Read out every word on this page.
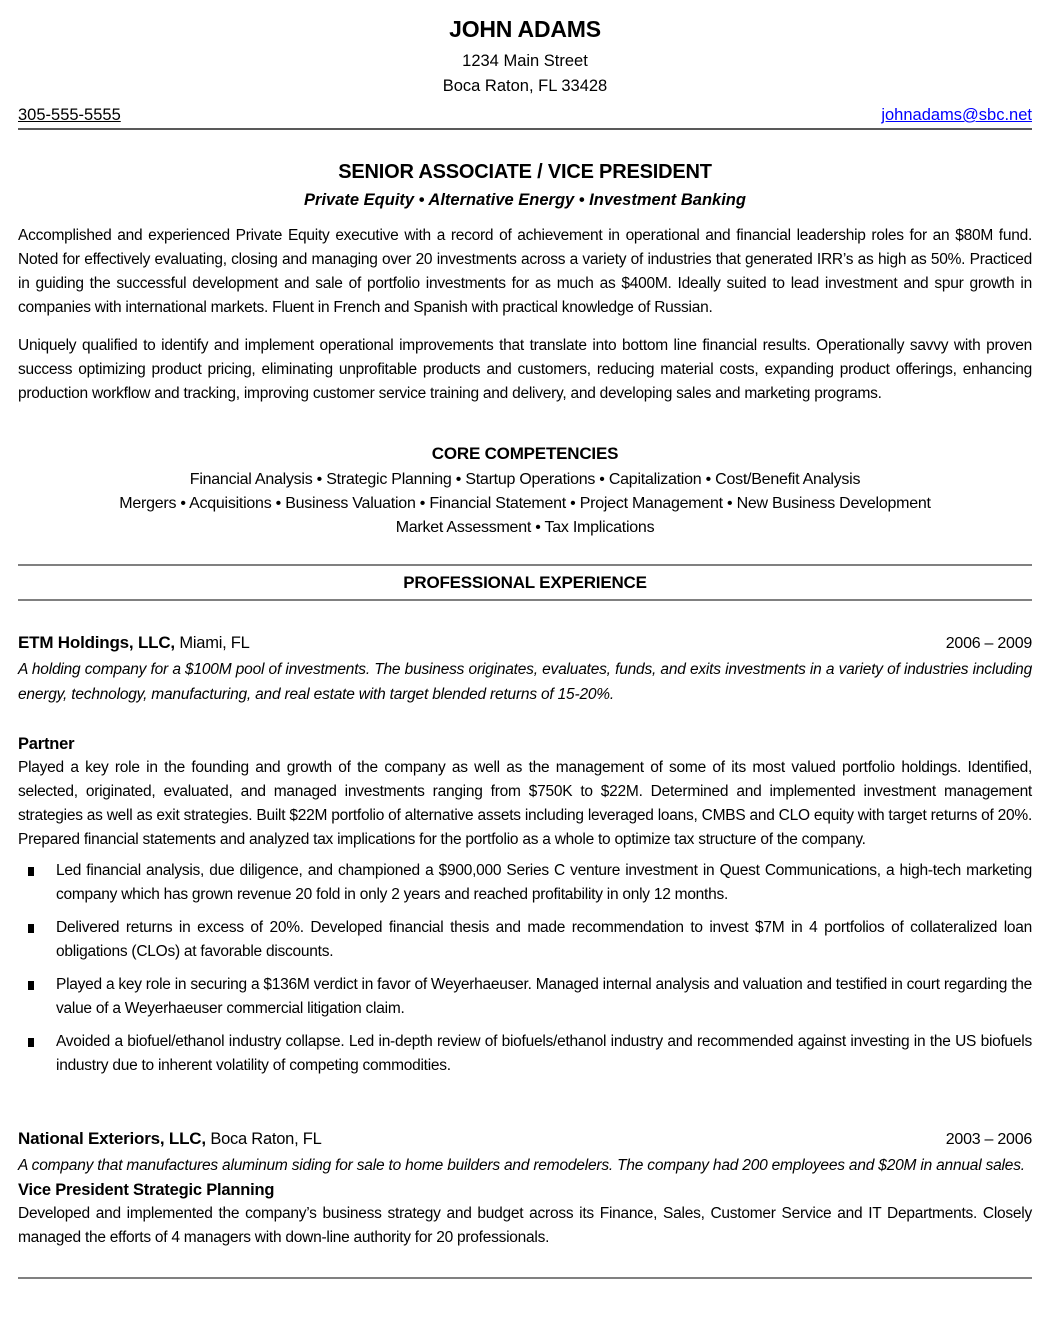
JOHN ADAMS
1234 Main Street
Boca Raton, FL 33428
305-555-5555	johnadams@sbc.net
SENIOR ASSOCIATE / VICE PRESIDENT
Private Equity • Alternative Energy • Investment Banking
Accomplished and experienced Private Equity executive with a record of achievement in operational and financial leadership roles for an $80M fund. Noted for effectively evaluating, closing and managing over 20 investments across a variety of industries that generated IRR’s as high as 50%. Practiced in guiding the successful development and sale of portfolio investments for as much as $400M. Ideally suited to lead investment and spur growth in companies with international markets. Fluent in French and Spanish with practical knowledge of Russian.
Uniquely qualified to identify and implement operational improvements that translate into bottom line financial results. Operationally savvy with proven success optimizing product pricing, eliminating unprofitable products and customers, reducing material costs, expanding product offerings, enhancing production workflow and tracking, improving customer service training and delivery, and developing sales and marketing programs.
CORE COMPETENCIES
Financial Analysis • Strategic Planning • Startup Operations • Capitalization • Cost/Benefit Analysis
Mergers • Acquisitions • Business Valuation • Financial Statement • Project Management • New Business Development
Market Assessment • Tax Implications
PROFESSIONAL EXPERIENCE
ETM Holdings, LLC, Miami, FL	2006 – 2009
A holding company for a $100M pool of investments. The business originates, evaluates, funds, and exits investments in a variety of industries including energy, technology, manufacturing, and real estate with target blended returns of 15-20%.
Partner
Played a key role in the founding and growth of the company as well as the management of some of its most valued portfolio holdings. Identified, selected, originated, evaluated, and managed investments ranging from $750K to $22M. Determined and implemented investment management strategies as well as exit strategies. Built $22M portfolio of alternative assets including leveraged loans, CMBS and CLO equity with target returns of 20%. Prepared financial statements and analyzed tax implications for the portfolio as a whole to optimize tax structure of the company.
Led financial analysis, due diligence, and championed a $900,000 Series C venture investment in Quest Communications, a high-tech marketing company which has grown revenue 20 fold in only 2 years and reached profitability in only 12 months.
Delivered returns in excess of 20%. Developed financial thesis and made recommendation to invest $7M in 4 portfolios of collateralized loan obligations (CLOs) at favorable discounts.
Played a key role in securing a $136M verdict in favor of Weyerhaeuser. Managed internal analysis and valuation and testified in court regarding the value of a Weyerhaeuser commercial litigation claim.
Avoided a biofuel/ethanol industry collapse. Led in-depth review of biofuels/ethanol industry and recommended against investing in the US biofuels industry due to inherent volatility of competing commodities.
National Exteriors, LLC, Boca Raton, FL	2003 – 2006
A company that manufactures aluminum siding for sale to home builders and remodelers. The company had 200 employees and $20M in annual sales.
Vice President Strategic Planning
Developed and implemented the company’s business strategy and budget across its Finance, Sales, Customer Service and IT Departments. Closely managed the efforts of 4 managers with down-line authority for 20 professionals.
